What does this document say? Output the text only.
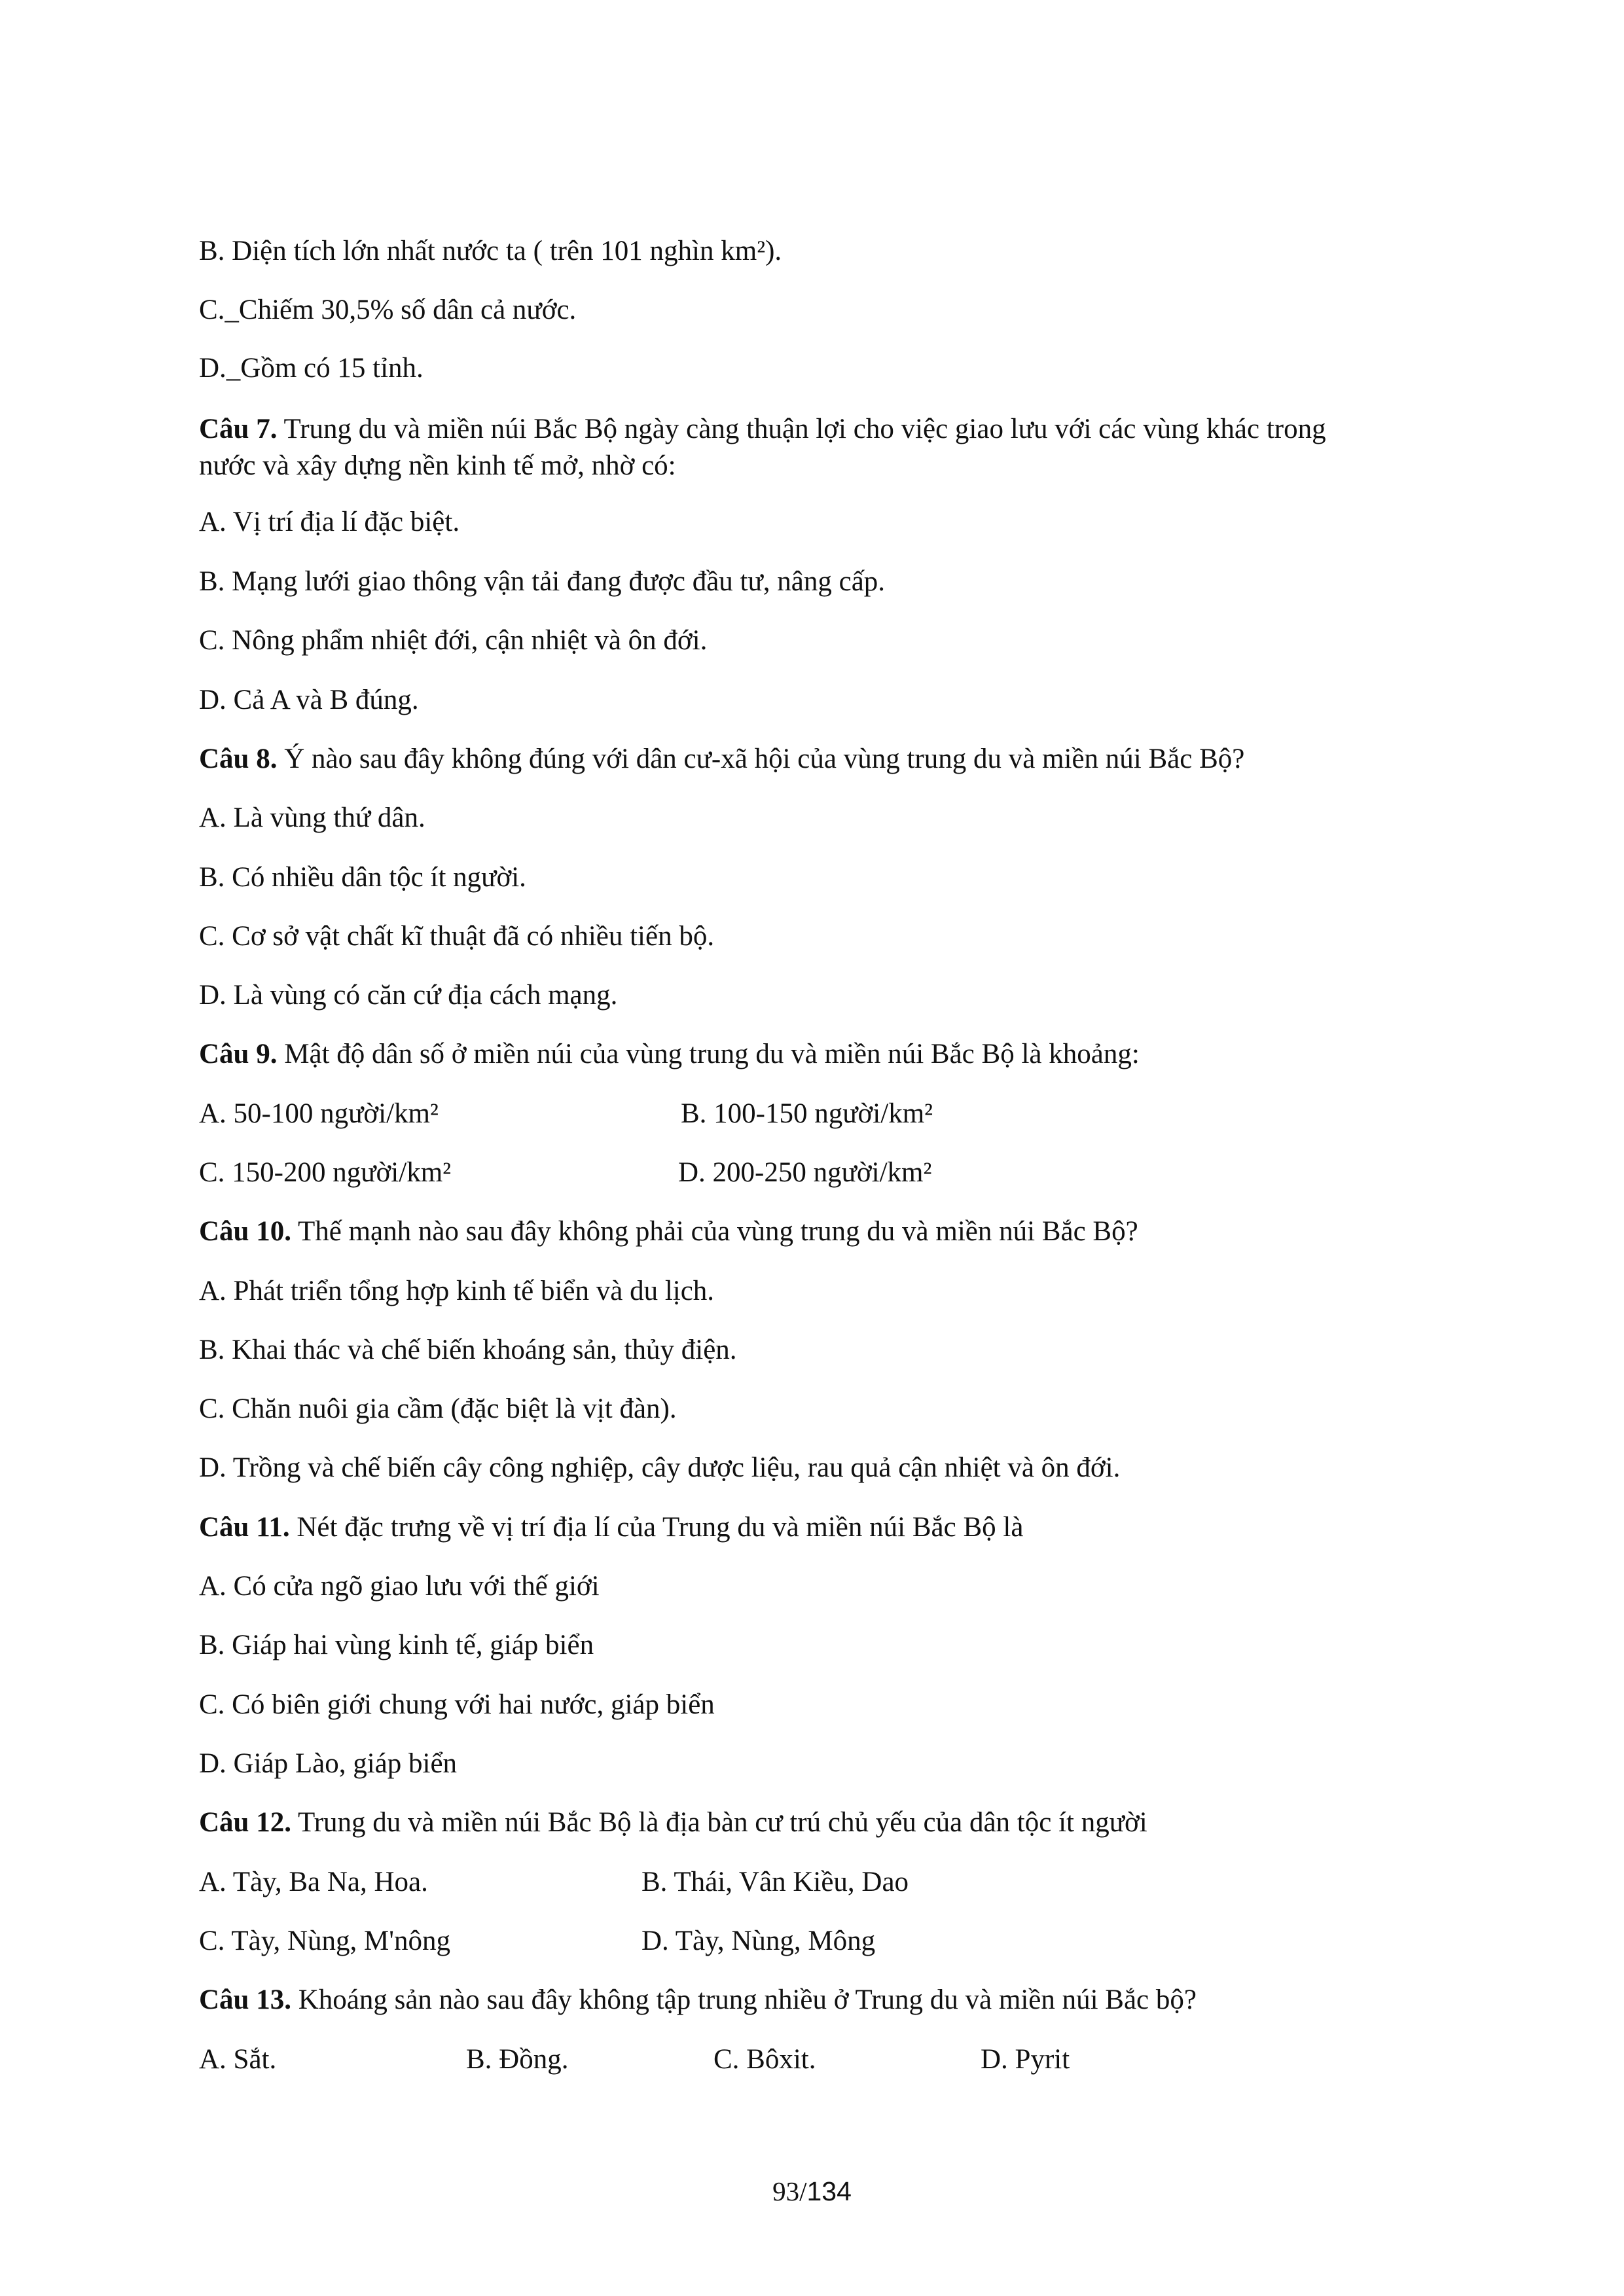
B. Diện tích lớn nhất nước ta ( trên 101 nghìn km²).
C._Chiếm 30,5% số dân cả nước.
D._Gồm có 15 tỉnh.
Câu 7. Trung du và miền núi Bắc Bộ ngày càng thuận lợi cho việc giao lưu với các vùng khác trong
nước và xây dựng nền kinh tế mở, nhờ có:
A. Vị trí địa lí đặc biệt.
B. Mạng lưới giao thông vận tải đang được đầu tư, nâng cấp.
C. Nông phẩm nhiệt đới, cận nhiệt và ôn đới.
D. Cả A và B đúng.
Câu 8. Ý nào sau đây không đúng với dân cư-xã hội của vùng trung du và miền núi Bắc Bộ?
A. Là vùng thứ dân.
B. Có nhiều dân tộc ít người.
C. Cơ sở vật chất kĩ thuật đã có nhiều tiến bộ.
D. Là vùng có căn cứ địa cách mạng.
Câu 9. Mật độ dân số ở miền núi của vùng trung du và miền núi Bắc Bộ là khoảng:
A. 50-100 người/km²	B. 100-150 người/km²
C. 150-200 người/km²	D. 200-250 người/km²
Câu 10. Thế mạnh nào sau đây không phải của vùng trung du và miền núi Bắc Bộ?
A. Phát triển tổng hợp kinh tế biển và du lịch.
B. Khai thác và chế biến khoáng sản, thủy điện.
C. Chăn nuôi gia cầm (đặc biệt là vịt đàn).
D. Trồng và chế biến cây công nghiệp, cây dược liệu, rau quả cận nhiệt và ôn đới.
Câu 11. Nét đặc trưng về vị trí địa lí của Trung du và miền núi Bắc Bộ là
A. Có cửa ngõ giao lưu với thế giới
B. Giáp hai vùng kinh tế, giáp biển
C. Có biên giới chung với hai nước, giáp biển
D. Giáp Lào, giáp biển
Câu 12. Trung du và miền núi Bắc Bộ là địa bàn cư trú chủ yếu của dân tộc ít người
A. Tày, Ba Na, Hoa.	B. Thái, Vân Kiều, Dao
C. Tày, Nùng, M'nông	D. Tày, Nùng, Mông
Câu 13. Khoáng sản nào sau đây không tập trung nhiều ở Trung du và miền núi Bắc bộ?
A. Sắt.	B. Đồng.	C. Bôxit.	D. Pyrit
93/134
